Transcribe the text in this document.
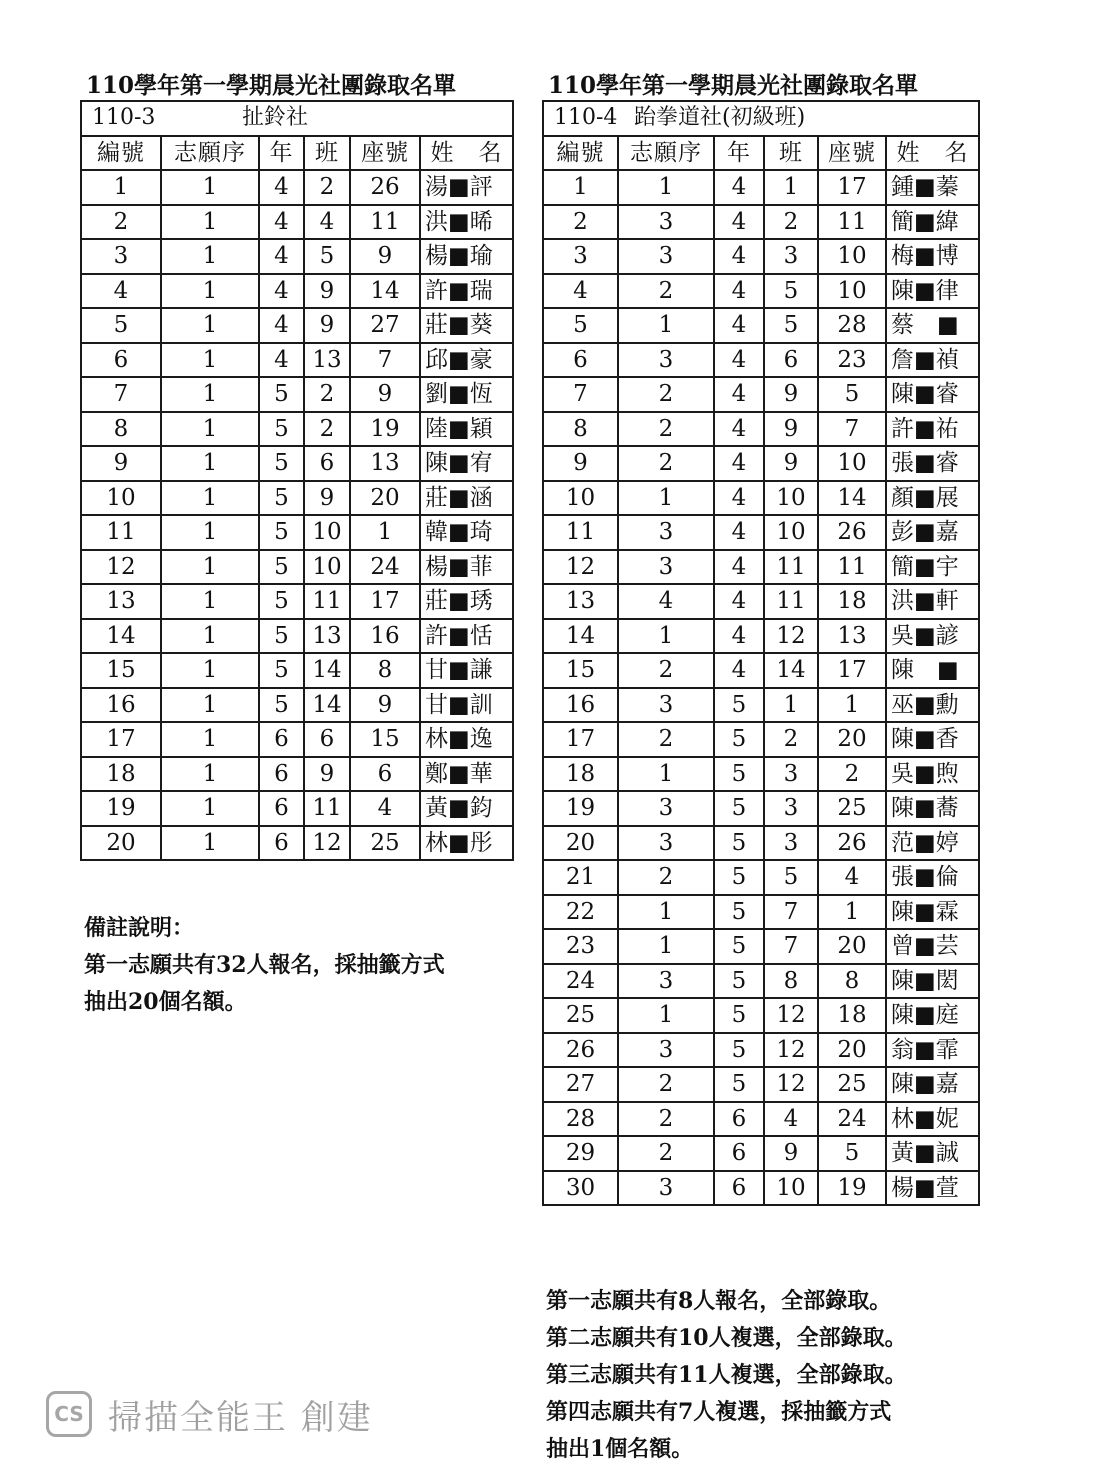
110學年第一學期晨光社團錄取名單
110-3 扯鈴社					
編號	志願序	年	班	座號	姓　名
1	1	4	2	26	湯■評
2	1	4	4	11	洪■晞
3	1	4	5	9	楊■瑜
4	1	4	9	14	許■瑞
5	1	4	9	27	莊■葵
6	1	4	13	7	邱■豪
7	1	5	2	9	劉■恆
8	1	5	2	19	陸■穎
9	1	5	6	13	陳■宥
10	1	5	9	20	莊■涵
11	1	5	10	1	韓■琦
12	1	5	10	24	楊■菲
13	1	5	11	17	莊■琇
14	1	5	13	16	許■恬
15	1	5	14	8	甘■謙
16	1	5	14	9	甘■訓
17	1	6	6	15	林■逸
18	1	6	9	6	鄭■華
19	1	6	11	4	黃■鈞
20	1	6	12	25	林■彤
備註說明：
第一志願共有32人報名，採抽籤方式
抽出20個名額。
110學年第一學期晨光社團錄取名單
110-4 跆拳道社(初級班)					
編號	志願序	年	班	座號	姓　名
1	1	4	1	17	鍾■蓁
2	3	4	2	11	簡■緯
3	3	4	3	10	梅■博
4	2	4	5	10	陳■律
5	1	4	5	28	蔡　■
6	3	4	6	23	詹■禎
7	2	4	9	5	陳■睿
8	2	4	9	7	許■祐
9	2	4	9	10	張■睿
10	1	4	10	14	顏■展
11	3	4	10	26	彭■嘉
12	3	4	11	11	簡■宇
13	4	4	11	18	洪■軒
14	1	4	12	13	吳■諺
15	2	4	14	17	陳　■
16	3	5	1	1	巫■勳
17	2	5	2	20	陳■香
18	1	5	3	2	吳■煦
19	3	5	3	25	陳■蕎
20	3	5	3	26	范■婷
21	2	5	5	4	張■倫
22	1	5	7	1	陳■霖
23	1	5	7	20	曾■芸
24	3	5	8	8	陳■閎
25	1	5	12	18	陳■庭
26	3	5	12	20	翁■霏
27	2	5	12	25	陳■嘉
28	2	6	4	24	林■妮
29	2	6	9	5	黃■誠
30	3	6	10	19	楊■萱
第一志願共有8人報名，全部錄取。
第二志願共有10人複選，全部錄取。
第三志願共有11人複選，全部錄取。
第四志願共有7人複選，採抽籤方式
抽出1個名額。
CS 掃描全能王 創建
